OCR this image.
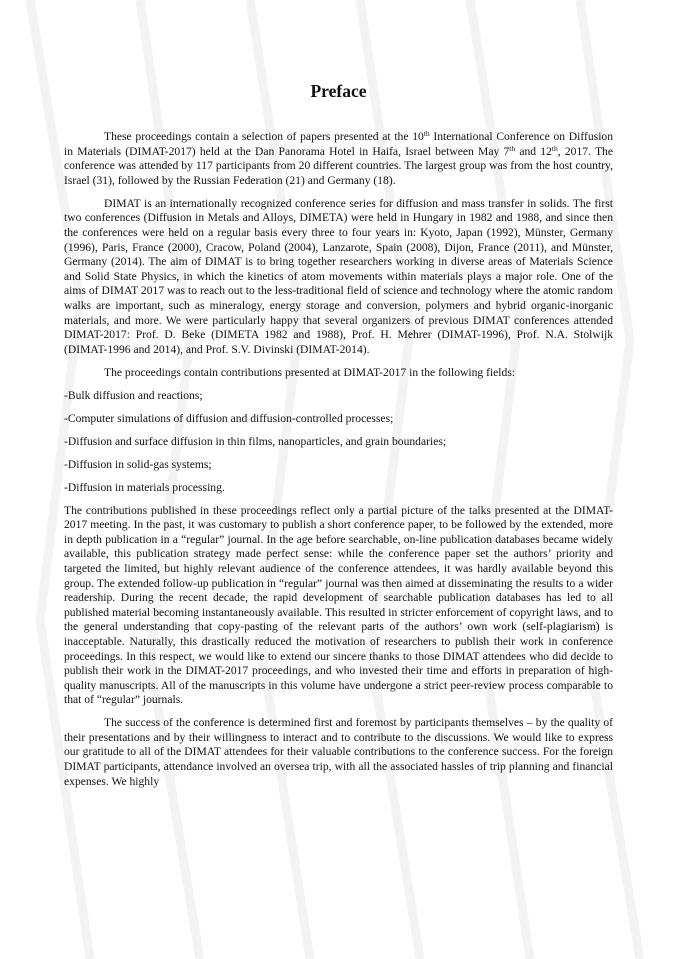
Preface

These proceedings contain a selection of papers presented at the 10th International Conference on Diffusion in Materials (DIMAT-2017) held at the Dan Panorama Hotel in Haifa, Israel between May 7th and 12th, 2017. The conference was attended by 117 participants from 20 different countries. The largest group was from the host country, Israel (31), followed by the Russian Federation (21) and Germany (18).

DIMAT is an internationally recognized conference series for diffusion and mass transfer in solids. The first two conferences (Diffusion in Metals and Alloys, DIMETA) were held in Hungary in 1982 and 1988, and since then the conferences were held on a regular basis every three to four years in: Kyoto, Japan (1992), Münster, Germany (1996), Paris, France (2000), Cracow, Poland (2004), Lanzarote, Spain (2008), Dijon, France (2011), and Münster, Germany (2014). The aim of DIMAT is to bring together researchers working in diverse areas of Materials Science and Solid State Physics, in which the kinetics of atom movements within materials plays a major role. One of the aims of DIMAT 2017 was to reach out to the less-traditional field of science and technology where the atomic random walks are important, such as mineralogy, energy storage and conversion, polymers and hybrid organic-inorganic materials, and more. We were particularly happy that several organizers of previous DIMAT conferences attended DIMAT-2017: Prof. D. Beke (DIMETA 1982 and 1988), Prof. H. Mehrer (DIMAT-1996), Prof. N.A. Stolwijk (DIMAT-1996 and 2014), and Prof. S.V. Divinski (DIMAT-2014).

The proceedings contain contributions presented at DIMAT-2017 in the following fields:

-Bulk diffusion and reactions;

-Computer simulations of diffusion and diffusion-controlled processes;

-Diffusion and surface diffusion in thin films, nanoparticles, and grain boundaries;

-Diffusion in solid-gas systems;

-Diffusion in materials processing.

The contributions published in these proceedings reflect only a partial picture of the talks presented at the DIMAT-2017 meeting. In the past, it was customary to publish a short conference paper, to be followed by the extended, more in depth publication in a “regular” journal. In the age before searchable, on-line publication databases became widely available, this publication strategy made perfect sense: while the conference paper set the authors’ priority and targeted the limited, but highly relevant audience of the conference attendees, it was hardly available beyond this group. The extended follow-up publication in “regular” journal was then aimed at disseminating the results to a wider readership. During the recent decade, the rapid development of searchable publication databases has led to all published material becoming instantaneously available. This resulted in stricter enforcement of copyright laws, and to the general understanding that copy-pasting of the relevant parts of the authors’ own work (self-plagiarism) is inacceptable. Naturally, this drastically reduced the motivation of researchers to publish their work in conference proceedings. In this respect, we would like to extend our sincere thanks to those DIMAT attendees who did decide to publish their work in the DIMAT-2017 proceedings, and who invested their time and efforts in preparation of high-quality manuscripts. All of the manuscripts in this volume have undergone a strict peer-review process comparable to that of “regular” journals.

The success of the conference is determined first and foremost by participants themselves – by the quality of their presentations and by their willingness to interact and to contribute to the discussions. We would like to express our gratitude to all of the DIMAT attendees for their valuable contributions to the conference success. For the foreign DIMAT participants, attendance involved an oversea trip, with all the associated hassles of trip planning and financial expenses. We highly
